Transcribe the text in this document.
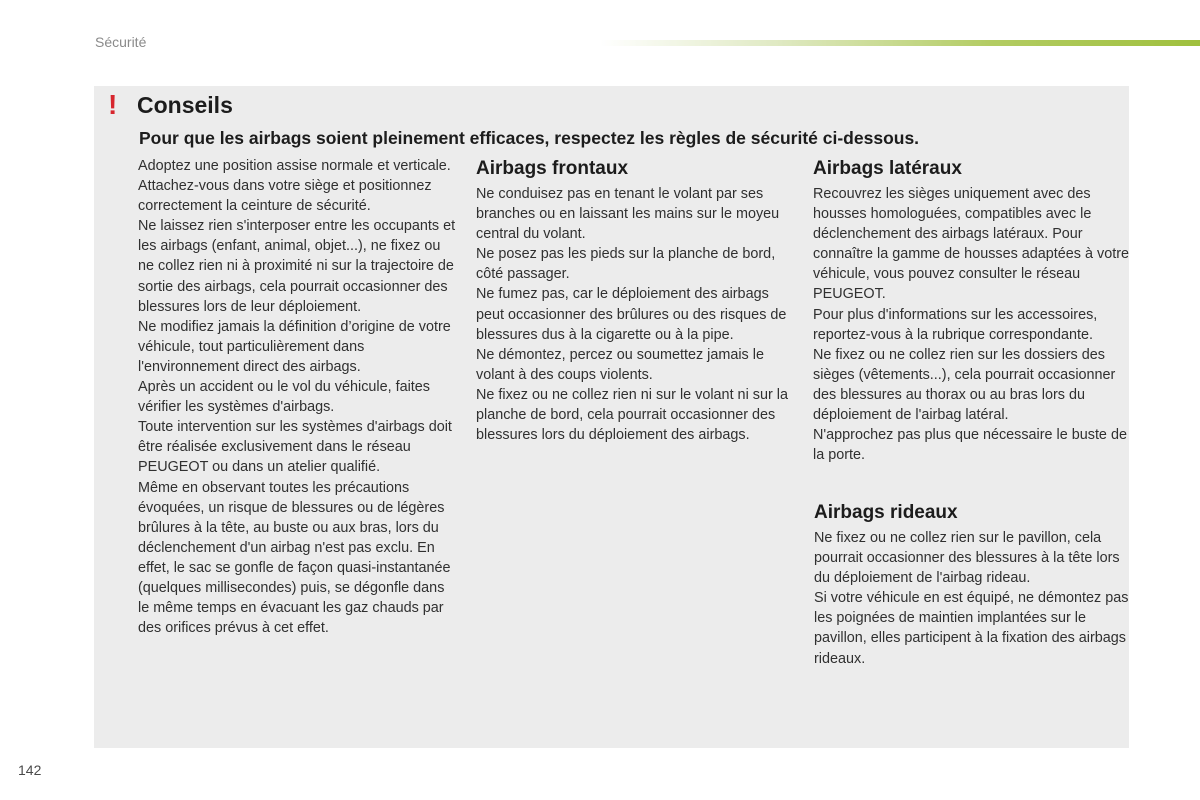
Sécurité
! Conseils
Pour que les airbags soient pleinement efficaces, respectez les règles de sécurité ci-dessous.

Adoptez une position assise normale et verticale.

Attachez-vous dans votre siège et positionnez correctement la ceinture de sécurité.

Ne laissez rien s'interposer entre les occupants et les airbags (enfant, animal, objet...), ne fixez ou ne collez rien ni à proximité ni sur la trajectoire de sortie des airbags, cela pourrait occasionner des blessures lors de leur déploiement.

Ne modifiez jamais la définition d’origine de votre véhicule, tout particulièrement dans l'environnement direct des airbags.

Après un accident ou le vol du véhicule, faites vérifier les systèmes d'airbags.

Toute intervention sur les systèmes d'airbags doit être réalisée exclusivement dans le réseau PEUGEOT ou dans un atelier qualifié.

Même en observant toutes les précautions évoquées, un risque de blessures ou de légères brûlures à la tête, au buste ou aux bras, lors du déclenchement d'un airbag n'est pas exclu. En effet, le sac se gonfle de façon quasi-instantanée (quelques millisecondes) puis, se dégonfle dans le même temps en évacuant les gaz chauds par des orifices prévus à cet effet.

Airbags frontaux

Ne conduisez pas en tenant le volant par ses branches ou en laissant les mains sur le moyeu central du volant.

Ne posez pas les pieds sur la planche de bord, côté passager.

Ne fumez pas, car le déploiement des airbags peut occasionner des brûlures ou des risques de blessures dus à la cigarette ou à la pipe.

Ne démontez, percez ou soumettez jamais le volant à des coups violents.

Ne fixez ou ne collez rien ni sur le volant ni sur la planche de bord, cela pourrait occasionner des blessures lors du déploiement des airbags.

Airbags latéraux

Recouvrez les sièges uniquement avec des housses homologuées, compatibles avec le déclenchement des airbags latéraux. Pour connaître la gamme de housses adaptées à votre véhicule, vous pouvez consulter le réseau PEUGEOT.

Pour plus d'informations sur les accessoires, reportez-vous à la rubrique correspondante.

Ne fixez ou ne collez rien sur les dossiers des sièges (vêtements...), cela pourrait occasionner des blessures au thorax ou au bras lors du déploiement de l'airbag latéral.

N'approchez pas plus que nécessaire le buste de la porte.

Airbags rideaux

Ne fixez ou ne collez rien sur le pavillon, cela pourrait occasionner des blessures à la tête lors du déploiement de l'airbag rideau.

Si votre véhicule en est équipé, ne démontez pas les poignées de maintien implantées sur le pavillon, elles participent à la fixation des airbags rideaux.

142
